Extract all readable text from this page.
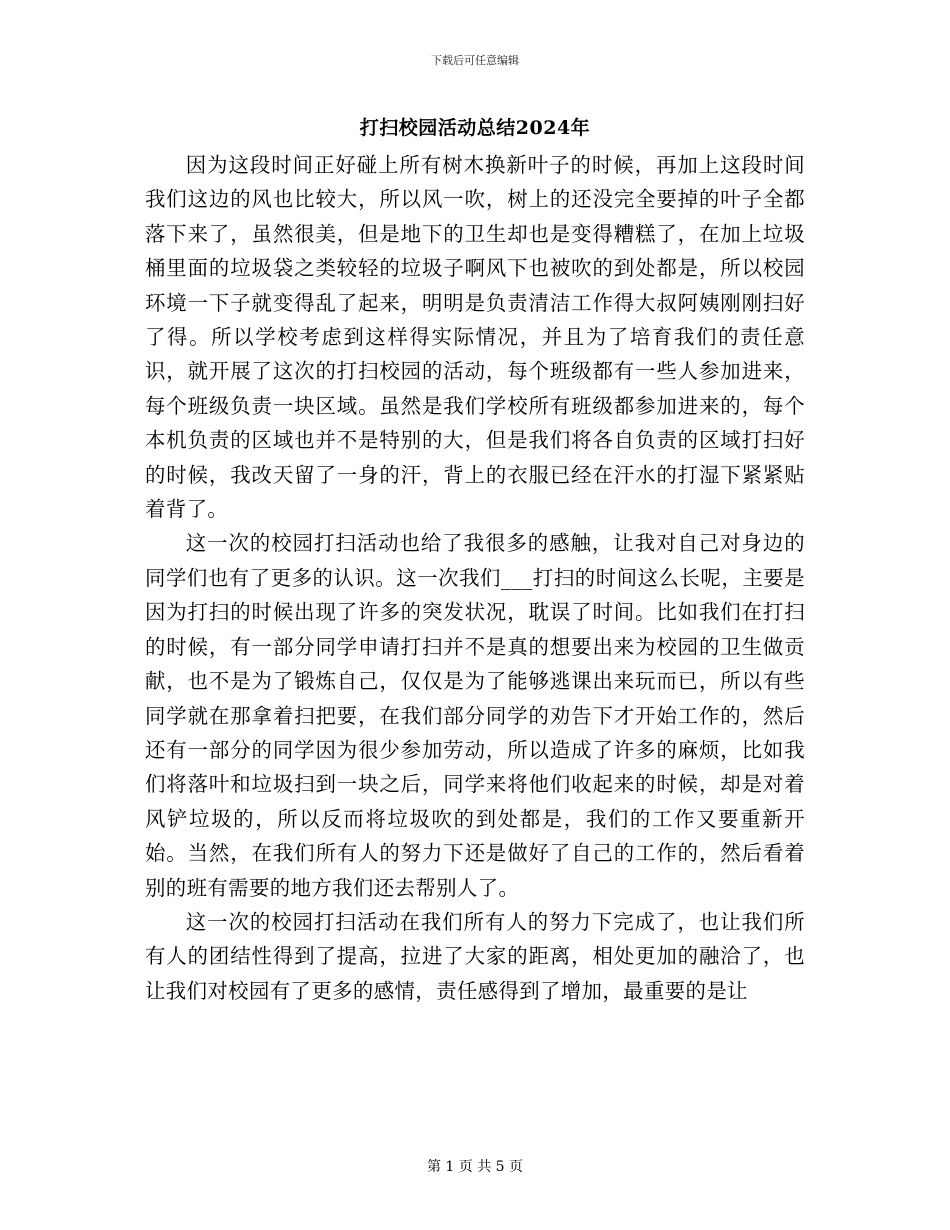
下载后可任意编辑
打扫校园活动总结2024年

因为这段时间正好碰上所有树木换新叶子的时候，再加上这段时间我们这边的风也比较大，所以风一吹，树上的还没完全要掉的叶子全都落下来了，虽然很美，但是地下的卫生却也是变得糟糕了，在加上垃圾桶里面的垃圾袋之类较轻的垃圾子啊风下也被吹的到处都是，所以校园环境一下子就变得乱了起来，明明是负责清洁工作得大叔阿姨刚刚扫好了得。所以学校考虑到这样得实际情况，并且为了培育我们的责任意识，就开展了这次的打扫校园的活动，每个班级都有一些人参加进来，每个班级负责一块区域。虽然是我们学校所有班级都参加进来的，每个本机负责的区域也并不是特别的大，但是我们将各自负责的区域打扫好的时候，我改天留了一身的汗，背上的衣服已经在汗水的打湿下紧紧贴着背了。

这一次的校园打扫活动也给了我很多的感触，让我对自己对身边的同学们也有了更多的认识。这一次我们___打扫的时间这么长呢，主要是因为打扫的时候出现了许多的突发状况，耽误了时间。比如我们在打扫的时候，有一部分同学申请打扫并不是真的想要出来为校园的卫生做贡献，也不是为了锻炼自己，仅仅是为了能够逃课出来玩而已，所以有些同学就在那拿着扫把要，在我们部分同学的劝告下才开始工作的，然后还有一部分的同学因为很少参加劳动，所以造成了许多的麻烦，比如我们将落叶和垃圾扫到一块之后，同学来将他们收起来的时候，却是对着风铲垃圾的，所以反而将垃圾吹的到处都是，我们的工作又要重新开始。当然，在我们所有人的努力下还是做好了自己的工作的，然后看着别的班有需要的地方我们还去帮别人了。

这一次的校园打扫活动在我们所有人的努力下完成了，也让我们所有人的团结性得到了提高，拉进了大家的距离，相处更加的融洽了，也让我们对校园有了更多的感情，责任感得到了增加，最重要的是让

第 1 页 共 5 页
